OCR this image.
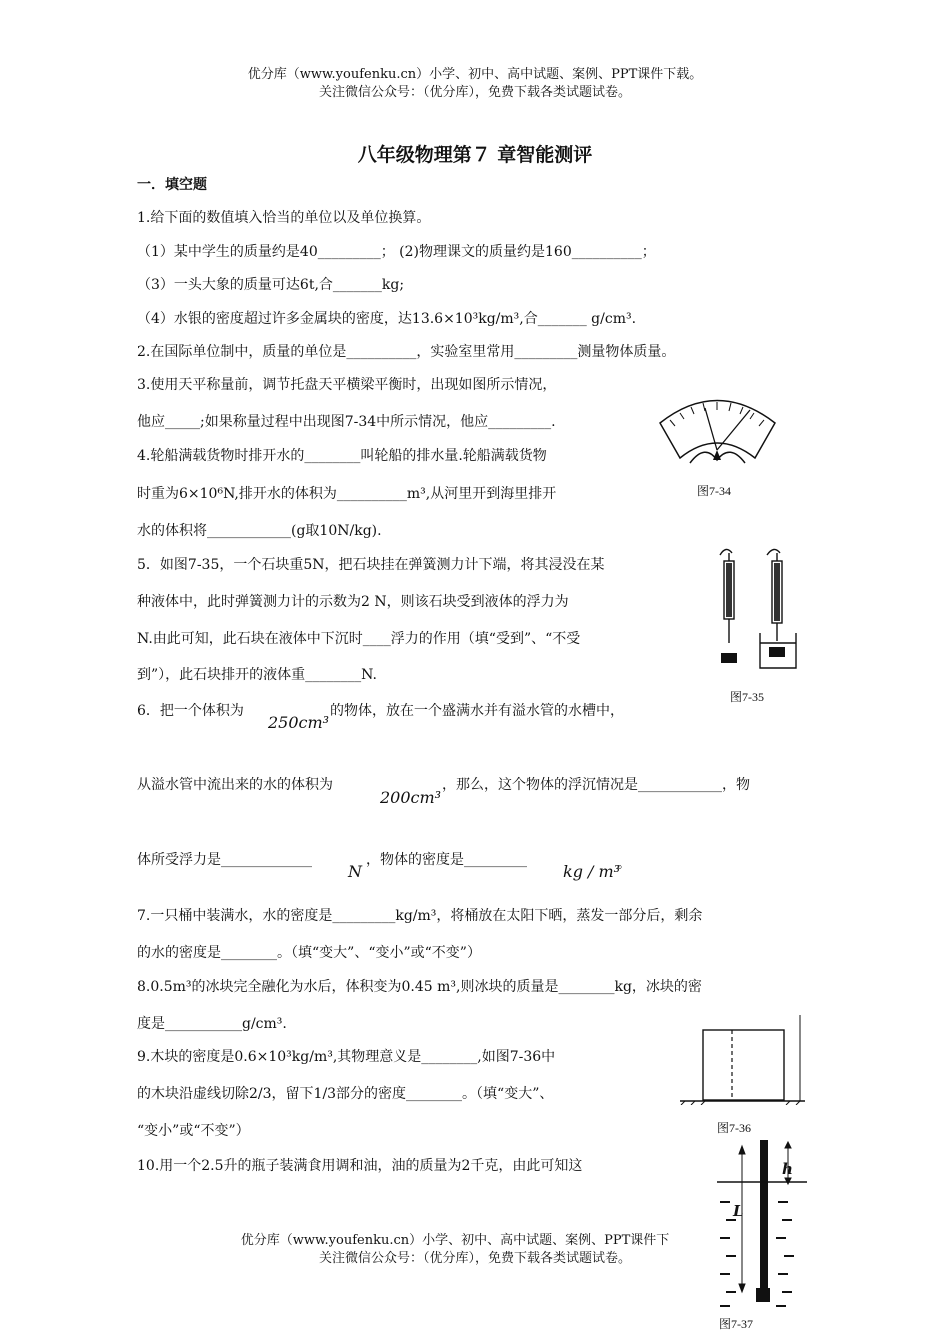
优分库（www.youfenku.cn）小学、初中、高中试题、案例、PPT课件下载。
关注微信公众号：（优分库），免费下载各类试题试卷。
八年级物理第７ 章智能测评
一．填空题
1.给下面的数值填入恰当的单位以及单位换算。
（1）某中学生的质量约是40_________； (2)物理课文的质量约是160__________；
（3）一头大象的质量可达6t,合_______kg;
（4）水银的密度超过许多金属块的密度，达13.6×10³kg/m³,合_______ g/cm³.
2.在国际单位制中，质量的单位是__________，实验室里常用_________测量物体质量。
3.使用天平称量前，调节托盘天平横梁平衡时，出现如图所示情况，
他应_____;如果称量过程中出现图7-34中所示情况，他应_________.
4.轮船满载货物时排开水的________叫轮船的排水量.轮船满载货物
时重为6×10⁶N,排开水的体积为__________m³,从河里开到海里排开
水的体积将____________(g取10N/kg).
5．如图7-35，一个石块重5N，把石块挂在弹簧测力计下端，将其浸没在某
种液体中，此时弹簧测力计的示数为2 N，则该石块受到液体的浮力为
N.由此可知，此石块在液体中下沉时____浮力的作用（填“受到”、“不受
到”），此石块排开的液体重________N.
6．把一个体积为
250cm³
的物体，放在一个盛满水并有溢水管的水槽中，
从溢水管中流出来的水的体积为
200cm³
，那么，这个物体的浮沉情况是____________，物
体所受浮力是_____________
N
，物体的密度是_________
kg / m³
。
7.一只桶中装满水，水的密度是_________kg/m³，将桶放在太阳下晒，蒸发一部分后，剩余
的水的密度是________。（填“变大”、“变小”或“不变”）
8.0.5m³的冰块完全融化为水后，体积变为0.45 m³,则冰块的质量是________kg，冰块的密
度是___________g/cm³.
9.木块的密度是0.6×10³kg/m³,其物理意义是________,如图7-36中
的木块沿虚线切除2/3，留下1/3部分的密度________。（填“变大”、
“变小”或“不变”）
10.用一个2.5升的瓶子装满食用调和油，油的质量为2千克，由此可知这
图7-34
图7-35
图7-36
h
L
图7-37
优分库（www.youfenku.cn）小学、初中、高中试题、案例、PPT课件下
关注微信公众号：（优分库），免费下载各类试题试卷。
